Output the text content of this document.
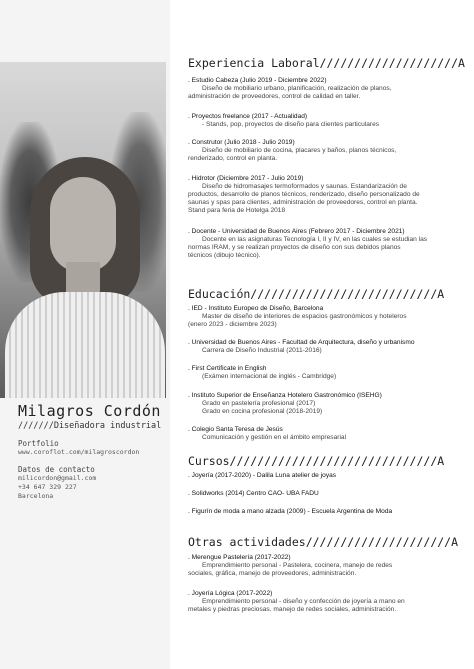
Milagros Cordón
///////Diseñadora industrial
Portfolio
www.coroflot.com/milagroscordon
Datos de contacto
milicordon@gmail.com
+34 647 329 227
Barcelona
Experiencia Laboral////////////////////A
. Estudio Cabeza (Julio 2019 - Diciembre 2022)
Diseño de mobiliario urbano, planificación, realización de planos,
administración de proveedores, control de calidad en taller.
. Proyectos freelance (2017 - Actualidad)
- Stands, pop, proyectos de diseño para clientes particulares
. Construtor (Julio 2018 - Julio 2019)
Diseño de mobiliario de cocina, placares y baños, planos técnicos,
renderizado, control en planta.
. Hidrotor (Diciembre 2017 - Julio 2019)
Diseño de hidromasajes termoformados y saunas. Estandarización de
productos, desarrollo de planos técnicos, renderizado, diseño personalizado de
saunas y spas para clientes, administración de proveedores, control en planta.
Stand para feria de Hotelga 2018
. Docente - Universidad de Buenos Aires (Febrero 2017 - Diciembre 2021)
Docente en las asignaturas Tecnología I, II y IV, en las cuales se estudian las
normas IRAM, y se realizan proyectos de diseño con sus debidos planos
técnicos (dibujo técnico).
Educación///////////////////////////A
. IED - Instituto Europeo de Diseño, Barcelona
Master de diseño de interiores de espacios gastronómicos y hoteleros
(enero 2023 - diciembre 2023)
. Universidad de Buenos Aires - Facultad de Arquitectura, diseño y urbanismo
Carrera de Diseño Industrial (2011-2016)
. First Certificate in English
(Exámen internacional de inglés - Cambridge)
. Instituto Superior de Enseñanza Hotelero Gastronómico (ISEHG)
Grado en pastelería profesional (2017)
Grado en cocina profesional (2018-2019)
. Colegio Santa Teresa de Jesús
Comunicación y gestión en el ámbito empresarial
Cursos//////////////////////////////A
. Joyería (2017-2020) - Dalila Luna atelier de joyas
. Solidworks (2014) Centro CAO- UBA FADU
. Figurín de moda a mano alzada (2009) - Escuela Argentina de Moda
Otras actividades/////////////////////A
. Merengue Pastelería (2017-2022)
Emprendimiento personal - Pastelera, cocinera, manejo de redes
sociales, gráfica, manejo de proveedores, administración.
. Joyería Lógica (2017-2022)
Emprendimiento personal - diseño y confección de joyería a mano en
metales y piedras preciosas. manejo de redes sociales, administración.
